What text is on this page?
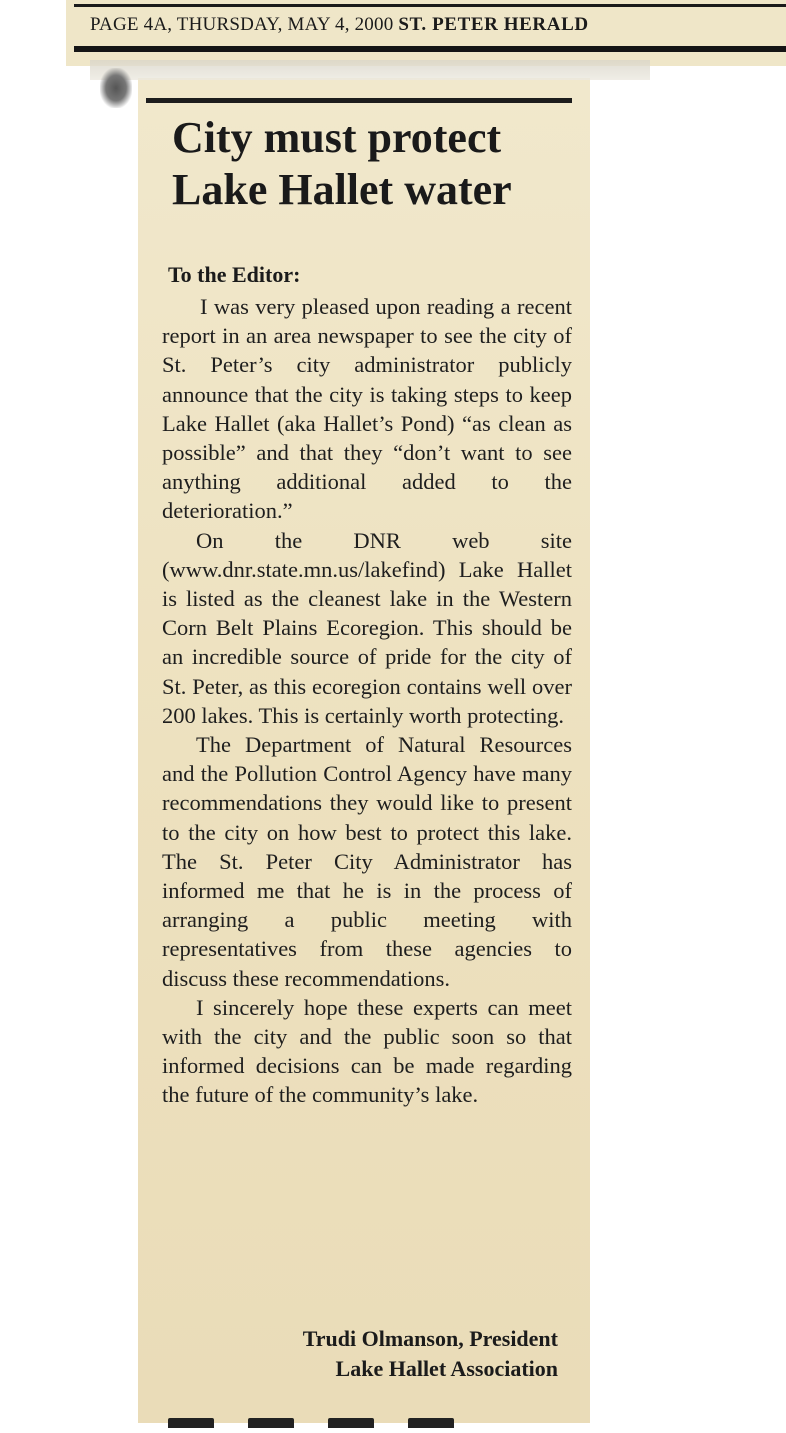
PAGE 4A, THURSDAY, MAY 4, 2000 ST. PETER HERALD
City must protect Lake Hallet water
To the Editor:

I was very pleased upon reading a recent report in an area newspaper to see the city of St. Peter’s city administrator publicly announce that the city is taking steps to keep Lake Hallet (aka Hallet’s Pond) “as clean as possible” and that they “don’t want to see anything additional added to the deterioration.”

On the DNR web site (www.dnr.state.mn.us/lakefind) Lake Hallet is listed as the cleanest lake in the Western Corn Belt Plains Ecoregion. This should be an incredible source of pride for the city of St. Peter, as this ecoregion contains well over 200 lakes. This is certainly worth protecting.

The Department of Natural Resources and the Pollution Control Agency have many recommendations they would like to present to the city on how best to protect this lake. The St. Peter City Administrator has informed me that he is in the process of arranging a public meeting with representatives from these agencies to discuss these recommendations.

I sincerely hope these experts can meet with the city and the public soon so that informed decisions can be made regarding the future of the community’s lake.

Trudi Olmanson, President
Lake Hallet Association
